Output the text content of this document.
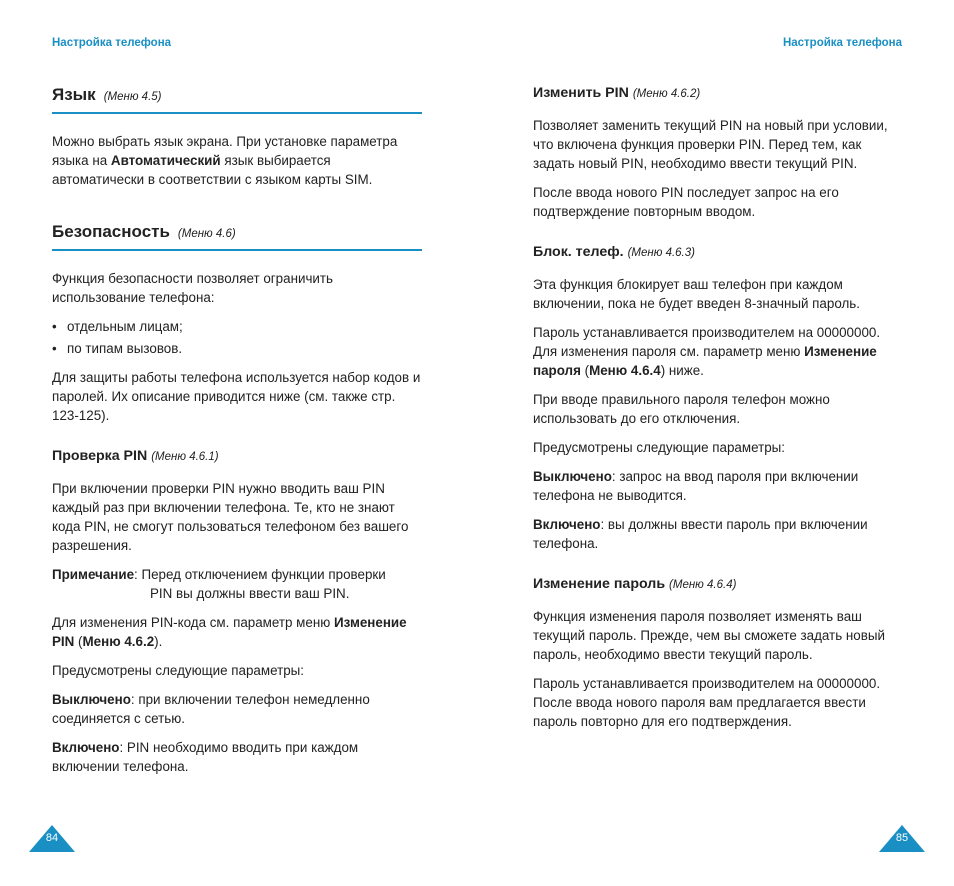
Настройка телефона
Язык (Меню 4.5)

Можно выбрать язык экрана. При установке параметра языка на Автоматический язык выбирается автоматически в соответствии с языком карты SIM.

Безопасность (Меню 4.6)

Функция безопасности позволяет ограничить использование телефона:

• отдельным лицам;
• по типам вызовов.

Для защиты работы телефона используется набор кодов и паролей. Их описание приводится ниже (см. также стр. 123-125).

Проверка PIN (Меню 4.6.1)

При включении проверки PIN нужно вводить ваш PIN каждый раз при включении телефона. Те, кто не знают кода PIN, не смогут пользоваться телефоном без вашего разрешения.

Примечание: Перед отключением функции проверки
PIN вы должны ввести ваш PIN.

Для изменения PIN-кода см. параметр меню Изменение PIN (Меню 4.6.2).

Предусмотрены следующие параметры:

Выключено: при включении телефон немедленно соединяется с сетью.

Включено: PIN необходимо вводить при каждом включении телефона.

84
Настройка телефона
Изменить PIN (Меню 4.6.2)

Позволяет заменить текущий PIN на новый при условии, что включена функция проверки PIN. Перед тем, как задать новый PIN, необходимо ввести текущий PIN.

После ввода нового PIN последует запрос на его подтверждение повторным вводом.

Блок. телеф. (Меню 4.6.3)

Эта функция блокирует ваш телефон при каждом включении, пока не будет введен 8-значный пароль.

Пароль устанавливается производителем на 00000000. Для изменения пароля см. параметр меню Изменение пароля (Меню 4.6.4) ниже.

При вводе правильного пароля телефон можно использовать до его отключения.

Предусмотрены следующие параметры:

Выключено: запрос на ввод пароля при включении телефона не выводится.

Включено: вы должны ввести пароль при включении телефона.

Изменение пароль (Меню 4.6.4)

Функция изменения пароля позволяет изменять ваш текущий пароль. Прежде, чем вы сможете задать новый пароль, необходимо ввести текущий пароль.

Пароль устанавливается производителем на 00000000. После ввода нового пароля вам предлагается ввести пароль повторно для его подтверждения.

85
